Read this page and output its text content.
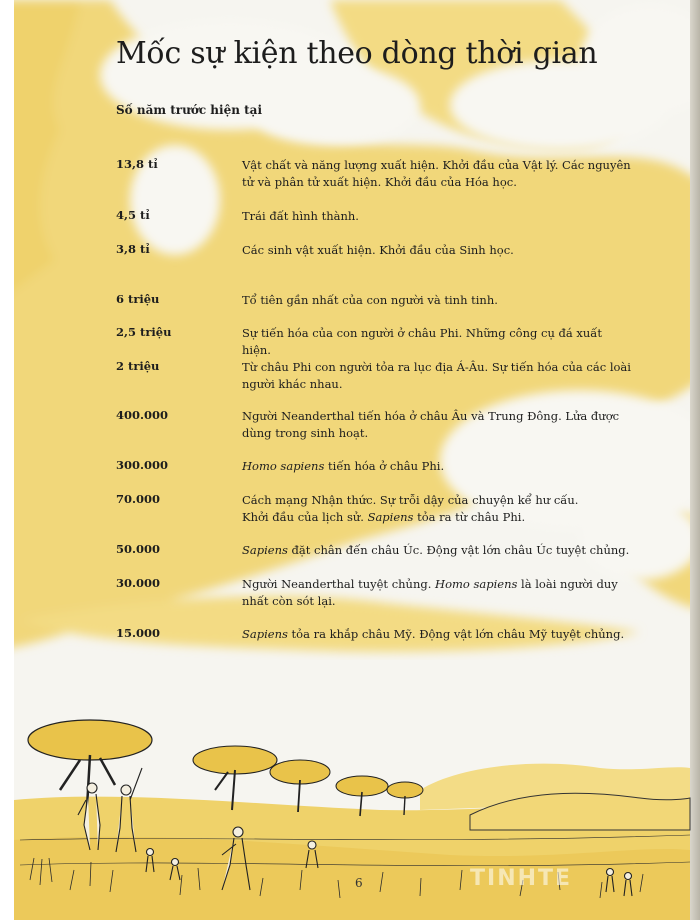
Mốc sự kiện theo dòng thời gian
Số năm trước hiện tại
13,8 tỉ	Vật chất và năng lượng xuất hiện. Khởi đầu của Vật lý. Các nguyên tử và phân tử xuất hiện. Khởi đầu của Hóa học.
4,5 tỉ	Trái đất hình thành.
3,8 tỉ	Các sinh vật xuất hiện. Khởi đầu của Sinh học.
6 triệu	Tổ tiên gần nhất của con người và tinh tinh.
2,5 triệu	Sự tiến hóa của con người ở châu Phi. Những công cụ đá xuất hiện.
2 triệu	Từ châu Phi con người tỏa ra lục địa Á-Âu. Sự tiến hóa của các loài người khác nhau.
400.000	Người Neanderthal tiến hóa ở châu Âu và Trung Đông. Lửa được dùng trong sinh hoạt.
300.000	Homo sapiens tiến hóa ở châu Phi.
70.000	Cách mạng Nhận thức. Sự trỗi dậy của chuyện kể hư cấu.
Khởi đầu của lịch sử. Sapiens tỏa ra từ châu Phi.
50.000	Sapiens đặt chân đến châu Úc. Động vật lớn châu Úc tuyệt chủng.
30.000	Người Neanderthal tuyệt chủng. Homo sapiens là loài người duy nhất còn sót lại.
15.000	Sapiens tỏa ra khắp châu Mỹ. Động vật lớn châu Mỹ tuyệt chủng.
6	TINHTE
